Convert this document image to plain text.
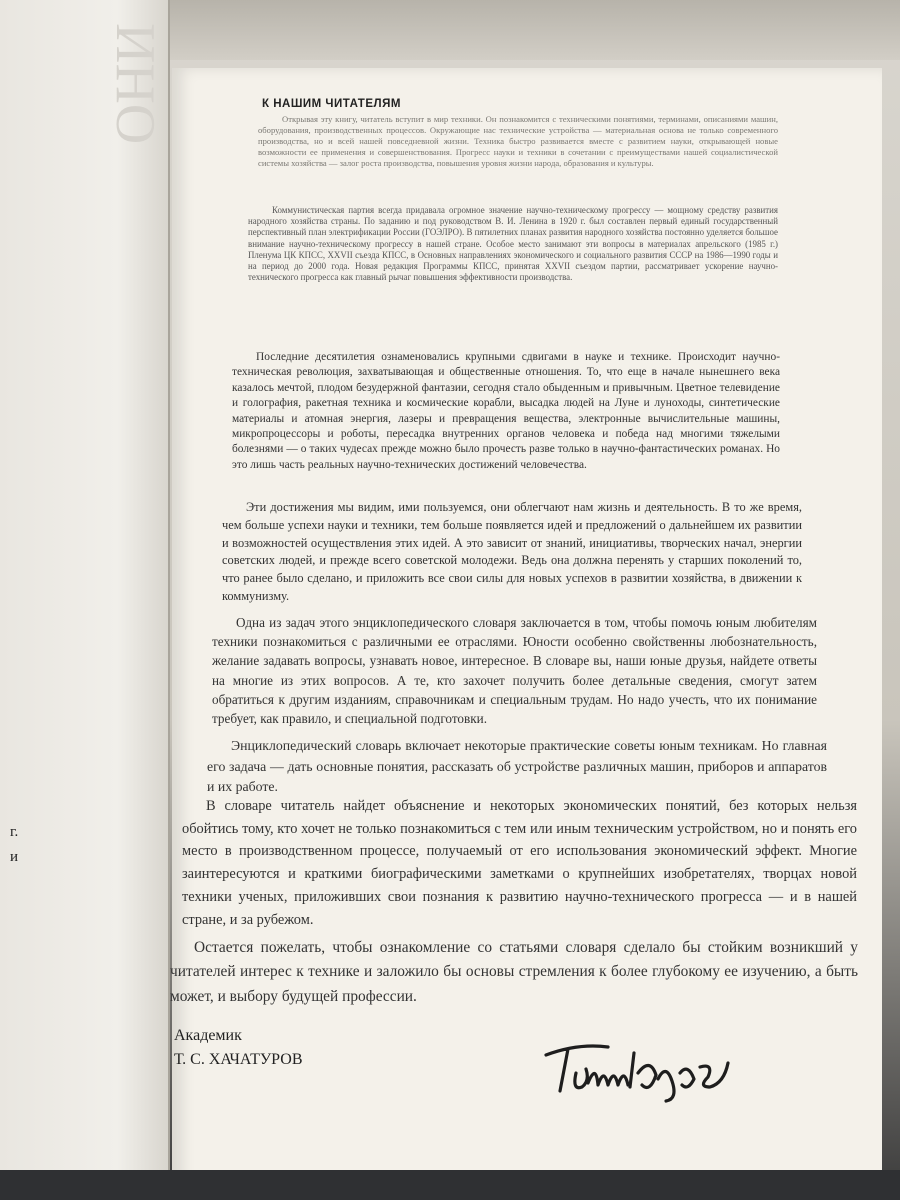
ИНО
г.
и
К НАШИМ ЧИТАТЕЛЯМ

Открывая эту книгу, читатель вступит в мир техники. Он познакомится с техническими понятиями, терминами, описаниями машин, оборудования, производственных процессов. Окружающие нас технические устройства — материальная основа не только современного производства, но и всей нашей повседневной жизни. Техника быстро развивается вместе с развитием науки, открывающей новые возможности ее применения и совершенствования. Прогресс науки и техники в сочетании с преимуществами нашей социалистической системы хозяйства — залог роста производства, повышения уровня жизни народа, образования и культуры.

Коммунистическая партия всегда придавала огромное значение научно-техническому прогрессу — мощному средству развития народного хозяйства страны. По заданию и под руководством В. И. Ленина в 1920 г. был составлен первый единый государственный перспективный план электрификации России (ГОЭЛРО). В пятилетних планах развития народного хозяйства постоянно уделяется большое внимание научно-техническому прогрессу в нашей стране. Особое место занимают эти вопросы в материалах апрельского (1985 г.) Пленума ЦК КПСС, XXVII съезда КПСС, в Основных направлениях экономического и социального развития СССР на 1986—1990 годы и на период до 2000 года. Новая редакция Программы КПСС, принятая XXVII съездом партии, рассматривает ускорение научно-технического прогресса как главный рычаг повышения эффективности производства.

Последние десятилетия ознаменовались крупными сдвигами в науке и технике. Происходит научно-техническая революция, захватывающая и общественные отношения. То, что еще в начале нынешнего века казалось мечтой, плодом безудержной фантазии, сегодня стало обыденным и привычным. Цветное телевидение и голография, ракетная техника и космические корабли, высадка людей на Луне и луноходы, синтетические материалы и атомная энергия, лазеры и превращения вещества, электронные вычислительные машины, микропроцессоры и роботы, пересадка внутренних органов человека и победа над многими тяжелыми болезнями — о таких чудесах прежде можно было прочесть разве только в научно-фантастических романах. Но это лишь часть реальных научно-технических достижений человечества.

Эти достижения мы видим, ими пользуемся, они облегчают нам жизнь и деятельность. В то же время, чем больше успехи науки и техники, тем больше появляется идей и предложений о дальнейшем их развитии и возможностей осуществления этих идей. А это зависит от знаний, инициативы, творческих начал, энергии советских людей, и прежде всего советской молодежи. Ведь она должна перенять у старших поколений то, что ранее было сделано, и приложить все свои силы для новых успехов в развитии хозяйства, в движении к коммунизму.

Одна из задач этого энциклопедического словаря заключается в том, чтобы помочь юным любителям техники познакомиться с различными ее отраслями. Юности особенно свойственны любознательность, желание задавать вопросы, узнавать новое, интересное. В словаре вы, наши юные друзья, найдете ответы на многие из этих вопросов. А те, кто захочет получить более детальные сведения, смогут затем обратиться к другим изданиям, справочникам и специальным трудам. Но надо учесть, что их понимание требует, как правило, и специальной подготовки.

Энциклопедический словарь включает некоторые практические советы юным техникам. Но главная его задача — дать основные понятия, рассказать об устройстве различных машин, приборов и аппаратов и их работе.

В словаре читатель найдет объяснение и некоторых экономических понятий, без которых нельзя обойтись тому, кто хочет не только познакомиться с тем или иным техническим устройством, но и понять его место в производственном процессе, получаемый от его использования экономический эффект. Многие заинтересуются и краткими биографическими заметками о крупнейших изобретателях, творцах новой техники ученых, приложивших свои познания к развитию научно-технического прогресса — и в нашей стране, и за рубежом.

Остается пожелать, чтобы ознакомление со статьями словаря сделало бы стойким возникший у читателей интерес к технике и заложило бы основы стремления к более глубокому ее изучению, а быть может, и выбору будущей профессии.

Академик
Т. С. ХАЧАТУРОВ
